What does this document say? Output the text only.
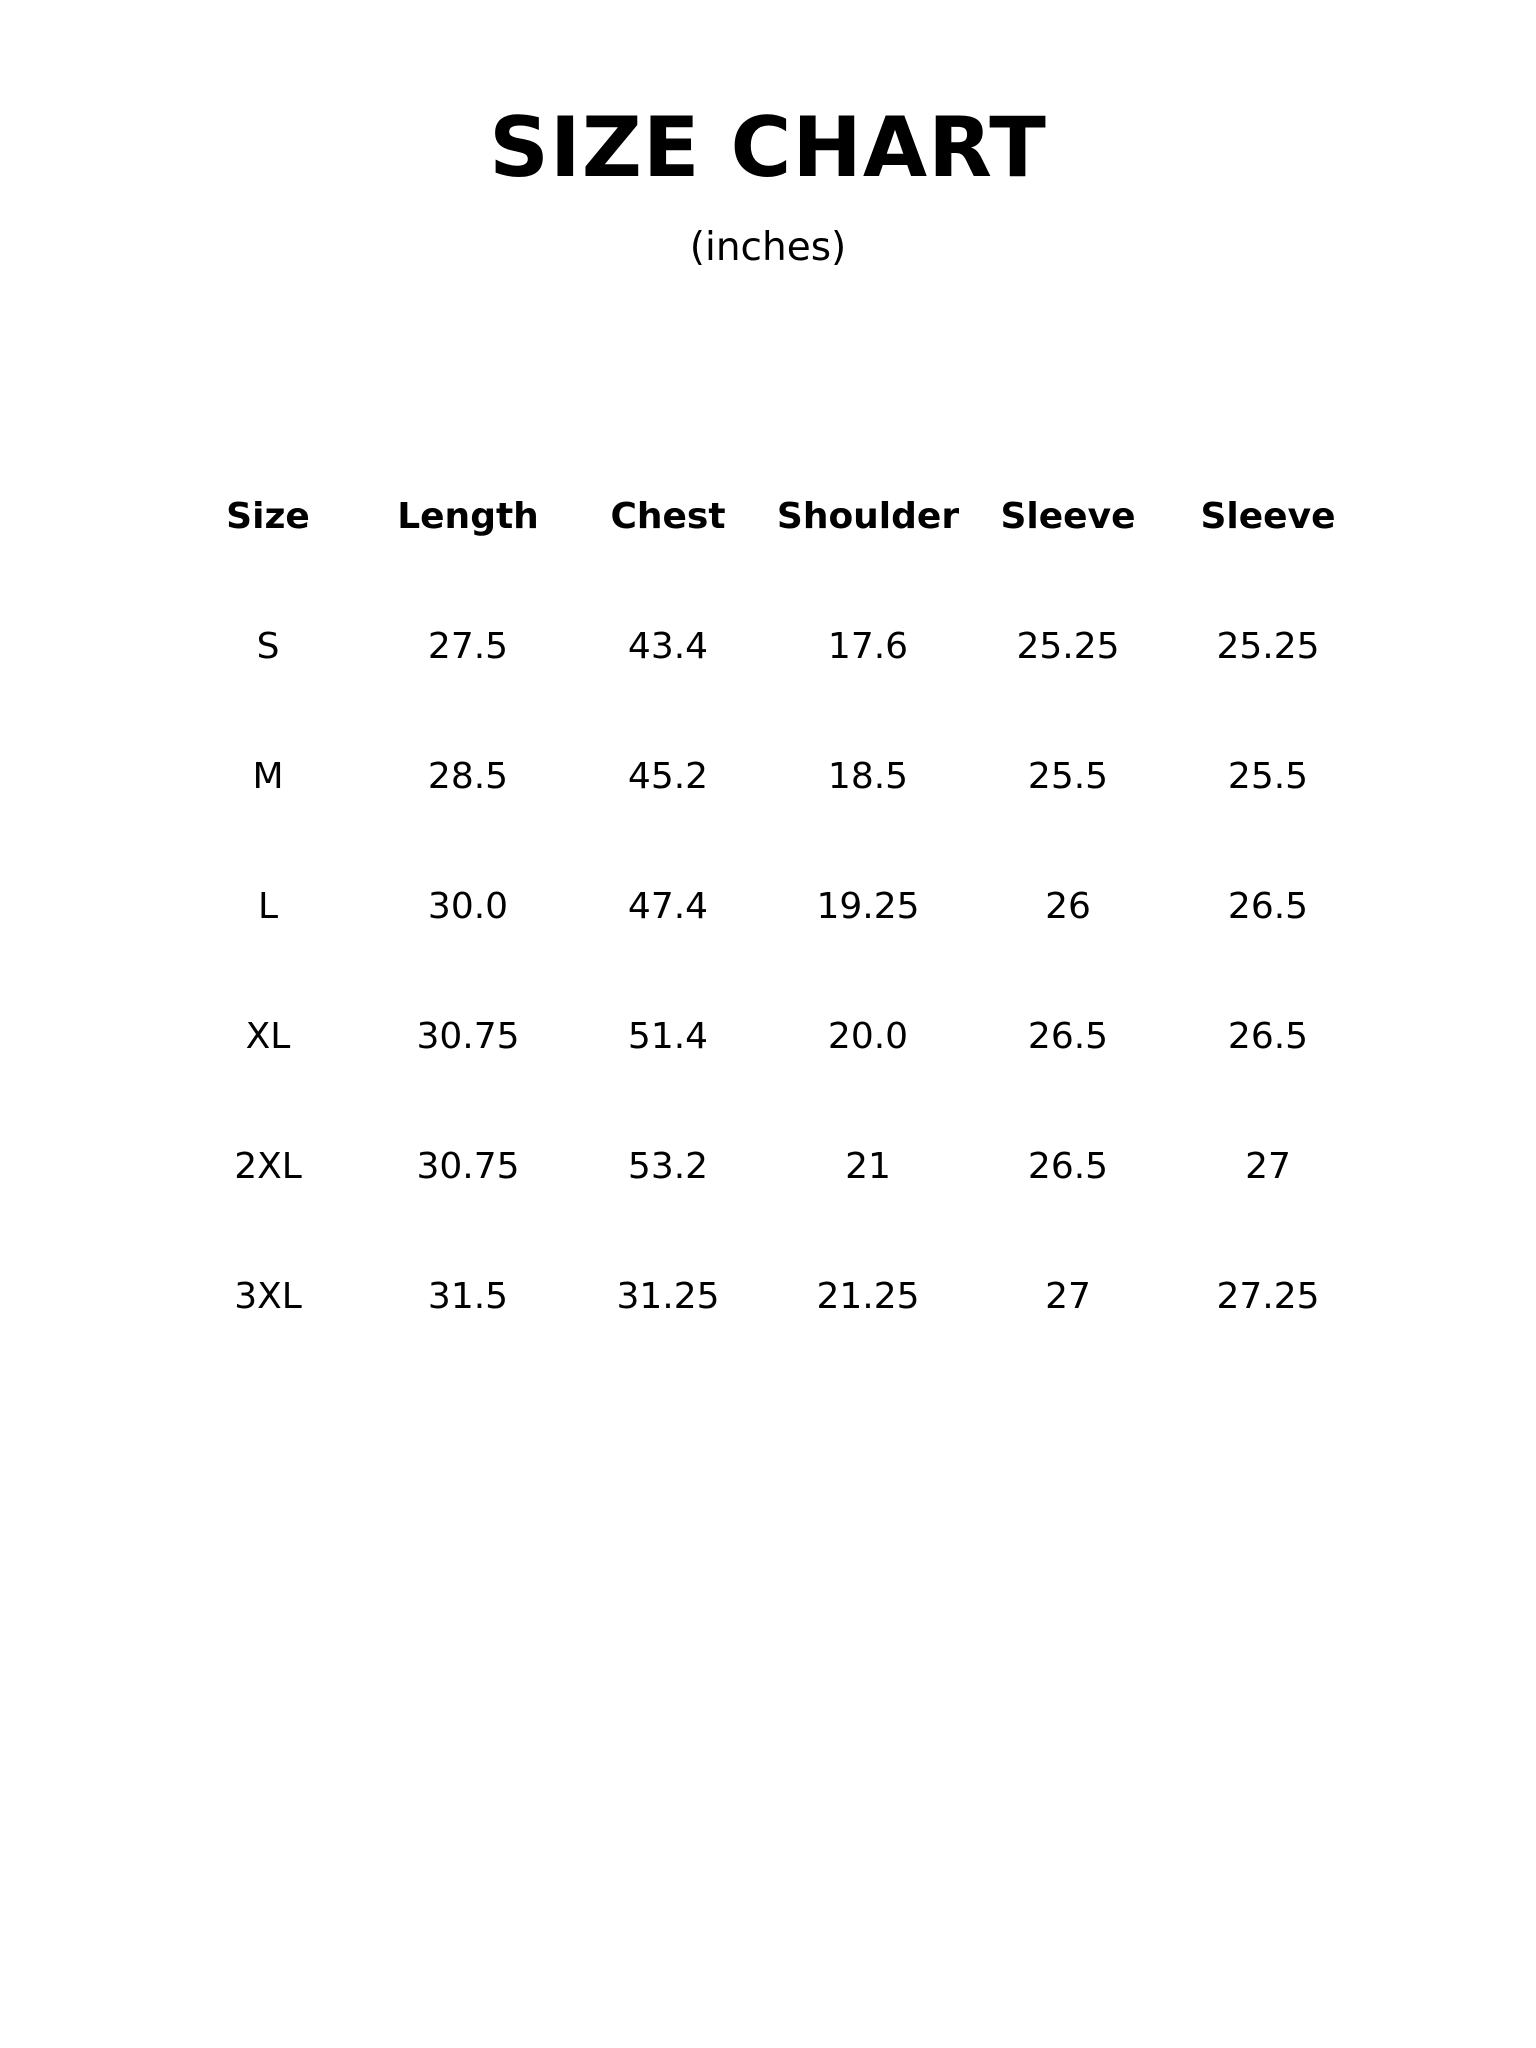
SIZE CHART
(inches)
Size	Length	Chest	Shoulder	Sleeve	Sleeve
S	27.5	43.4	17.6	25.25	25.25
M	28.5	45.2	18.5	25.5	25.5
L	30.0	47.4	19.25	26	26.5
XL	30.75	51.4	20.0	26.5	26.5
2XL	30.75	53.2	21	26.5	27
3XL	31.5	31.25	21.25	27	27.25
